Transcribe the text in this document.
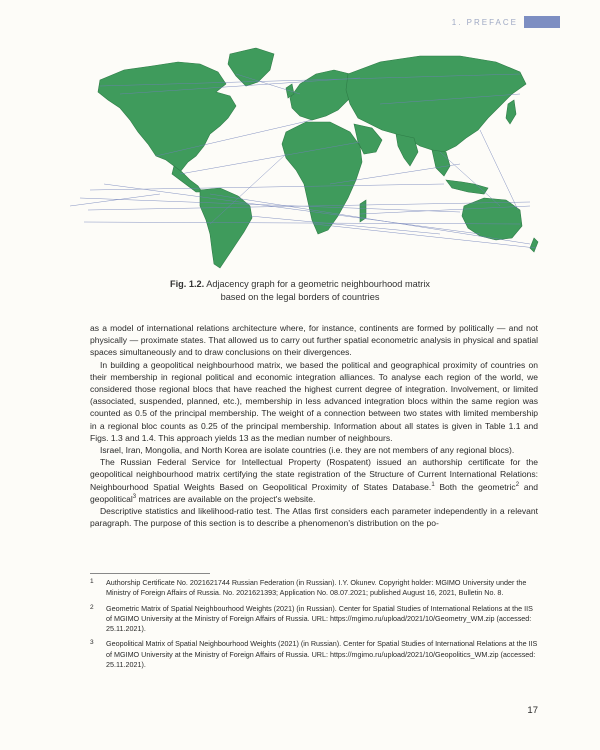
1. PREFACE
Fig. 1.2. Adjacency graph for a geometric neighbourhood matrix
based on the legal borders of countries

as a model of international relations architecture where, for instance, continents are formed by politically — and not physically — proximate states. That allowed us to carry out further spatial econometric analysis in physical and spatial spaces simultaneously and to draw conclusions on their divergences.

In building a geopolitical neighbourhood matrix, we based the political and geographical proximity of countries on their membership in regional political and economic integration alliances. To analyse each region of the world, we considered those regional blocs that have reached the highest current degree of integration. Involvement, or limited (associated, suspended, planned, etc.), membership in less advanced integration blocs within the same region was counted as 0.5 of the principal membership. The weight of a connection between two states with limited membership in a regional bloc counts as 0.25 of the principal membership. Information about all states is given in Table 1.1 and Figs. 1.3 and 1.4. This approach yields 13 as the median number of neighbours.

Israel, Iran, Mongolia, and North Korea are isolate countries (i.e. they are not members of any regional blocs).

The Russian Federal Service for Intellectual Property (Rospatent) issued an authorship certificate for the geopolitical neighbourhood matrix certifying the state registration of the Structure of Current International Relations: Neighbourhood Spatial Weights Based on Geopolitical Proximity of States Database.$^1$ Both the geometric$^2$ and geopolitical$^3$ matrices are available on the project's website.

Descriptive statistics and likelihood-ratio test. The Atlas first considers each parameter independently in a relevant paragraph. The purpose of this section is to describe a phenomenon's distribution on the po-

1 Authorship Certificate No. 2021621744 Russian Federation (in Russian). I.Y. Okunev. Copyright holder: MGIMO University under the Ministry of Foreign Affairs of Russia. No. 2021621393; Application No. 08.07.2021; published August 16, 2021, Bulletin No. 8.
2 Geometric Matrix of Spatial Neighbourhood Weights (2021) (in Russian). Center for Spatial Studies of International Relations at the IIS of MGIMO University at the Ministry of Foreign Affairs of Russia. URL: https://mgimo.ru/upload/2021/10/Geometry_WM.zip (accessed: 25.11.2021).
3 Geopolitical Matrix of Spatial Neighbourhood Weights (2021) (in Russian). Center for Spatial Studies of International Relations at the IIS of MGIMO University at the Ministry of Foreign Affairs of Russia. URL: https://mgimo.ru/upload/2021/10/Geopolitics_WM.zip (accessed: 25.11.2021).
17
